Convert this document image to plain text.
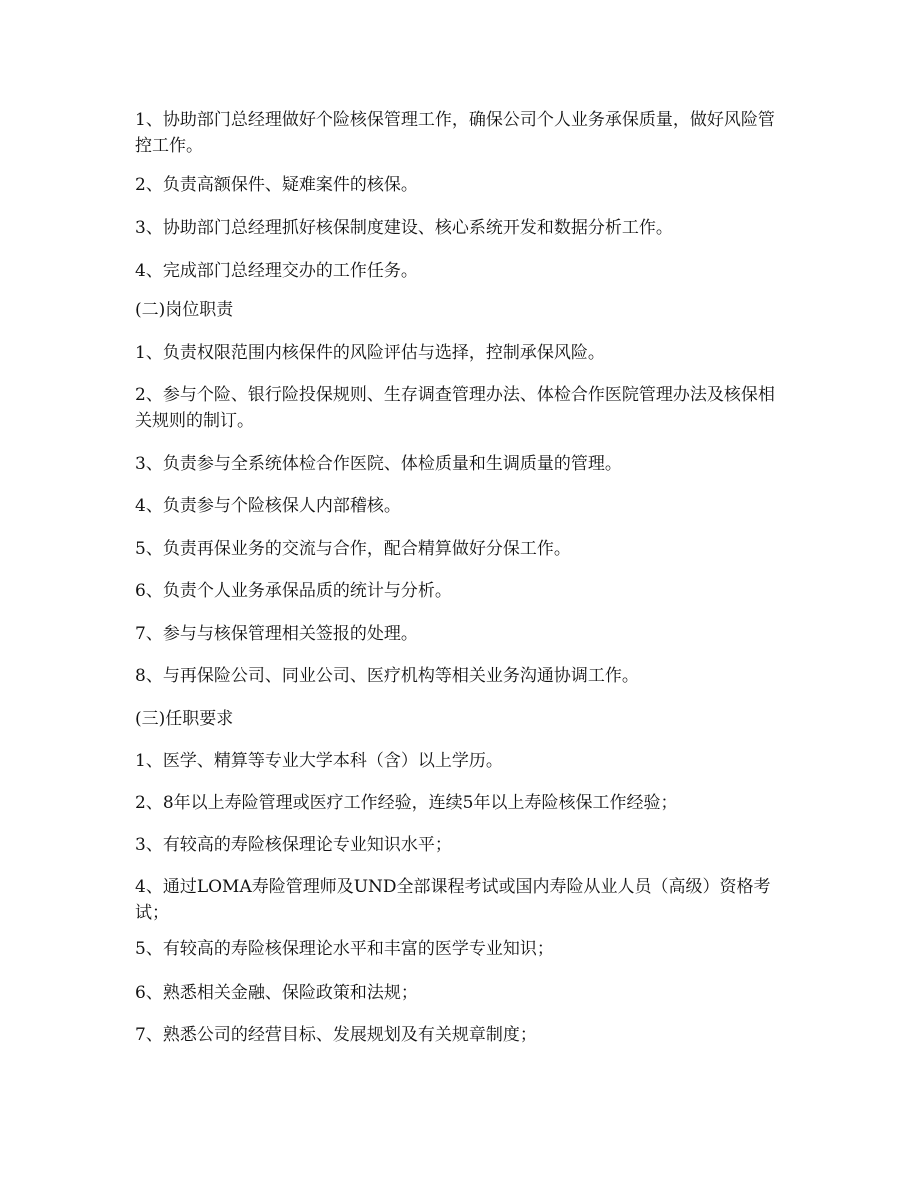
1、协助部门总经理做好个险核保管理工作，确保公司个人业务承保质量，做好风险管控工作。

2、负责高额保件、疑难案件的核保。

3、协助部门总经理抓好核保制度建设、核心系统开发和数据分析工作。

4、完成部门总经理交办的工作任务。

(二)岗位职责

1、负责权限范围内核保件的风险评估与选择，控制承保风险。

2、参与个险、银行险投保规则、生存调查管理办法、体检合作医院管理办法及核保相关规则的制订。

3、负责参与全系统体检合作医院、体检质量和生调质量的管理。

4、负责参与个险核保人内部稽核。

5、负责再保业务的交流与合作，配合精算做好分保工作。

6、负责个人业务承保品质的统计与分析。

7、参与与核保管理相关签报的处理。

8、与再保险公司、同业公司、医疗机构等相关业务沟通协调工作。

(三)任职要求

1、医学、精算等专业大学本科（含）以上学历。

2、8年以上寿险管理或医疗工作经验，连续5年以上寿险核保工作经验；

3、有较高的寿险核保理论专业知识水平；

4、通过LOMA寿险管理师及UND全部课程考试或国内寿险从业人员（高级）资格考试；

5、有较高的寿险核保理论水平和丰富的医学专业知识；

6、熟悉相关金融、保险政策和法规；

7、熟悉公司的经营目标、发展规划及有关规章制度；
